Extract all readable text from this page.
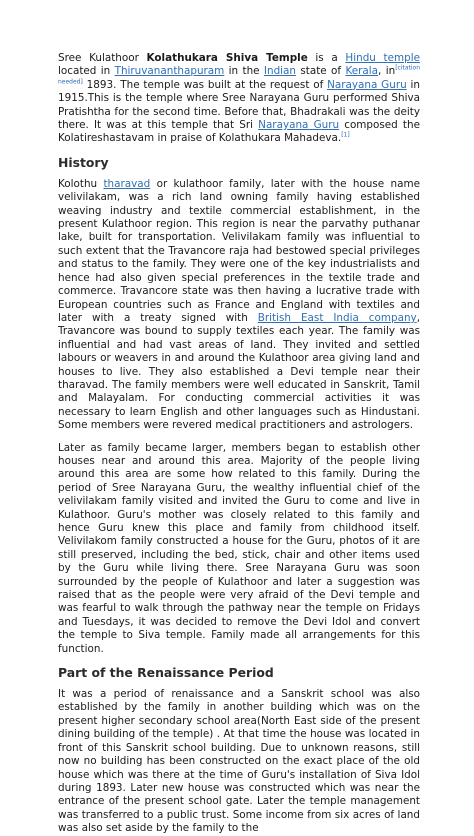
Sree Kulathoor Kolathukara Shiva Temple is a Hindu temple located in Thiruvananthapuram in the Indian state of Kerala, in[citation needed] 1893. The temple was built at the request of Narayana Guru in 1915.This is the temple where Sree Narayana Guru performed Shiva Pratishtha for the second time. Before that, Bhadrakali was the deity there. It was at this temple that Sri Narayana Guru composed the Kolatireshastavam in praise of Kolathukara Mahadeva.[1]

History

Kolothu tharavad or kulathoor family, later with the house name velivilakam, was a rich land owning family having established weaving industry and textile commercial establishment, in the present Kulathoor region. This region is near the parvathy puthanar lake, built for transportation. Velivilakam family was influential to such extent that the Travancore raja had bestowed special privileges and status to the family. They were one of the key industrialists and hence had also given special preferences in the textile trade and commerce. Travancore state was then having a lucrative trade with European countries such as France and England with textiles and later with a treaty signed with British East India company, Travancore was bound to supply textiles each year. The family was influential and had vast areas of land. They invited and settled labours or weavers in and around the Kulathoor area giving land and houses to live. They also established a Devi temple near their tharavad. The family members were well educated in Sanskrit, Tamil and Malayalam. For conducting commercial activities it was necessary to learn English and other languages such as Hindustani. Some members were revered medical practitioners and astrologers.

Later as family became larger, members began to establish other houses near and around this area. Majority of the people living around this area are some how related to this family. During the period of Sree Narayana Guru, the wealthy influential chief of the velivilakam family visited and invited the Guru to come and live in Kulathoor. Guru's mother was closely related to this family and hence Guru knew this place and family from childhood itself. Velivilakom family constructed a house for the Guru, photos of it are still preserved, including the bed, stick, chair and other items used by the Guru while living there. Sree Narayana Guru was soon surrounded by the people of Kulathoor and later a suggestion was raised that as the people were very afraid of the Devi temple and was fearful to walk through the pathway near the temple on Fridays and Tuesdays, it was decided to remove the Devi Idol and convert the temple to Siva temple. Family made all arrangements for this function.

Part of the Renaissance Period

It was a period of renaissance and a Sanskrit school was also established by the family in another building which was on the present higher secondary school area(North East side of the present dining building of the temple) . At that time the house was located in front of this Sanskrit school building. Due to unknown reasons, still now no building has been constructed on the exact place of the old house which was there at the time of Guru's installation of Siva Idol during 1893. Later new house was constructed which was near the entrance of the present school gate. Later the temple management was transferred to a public trust. Some income from six acres of land was also set aside by the family to the
